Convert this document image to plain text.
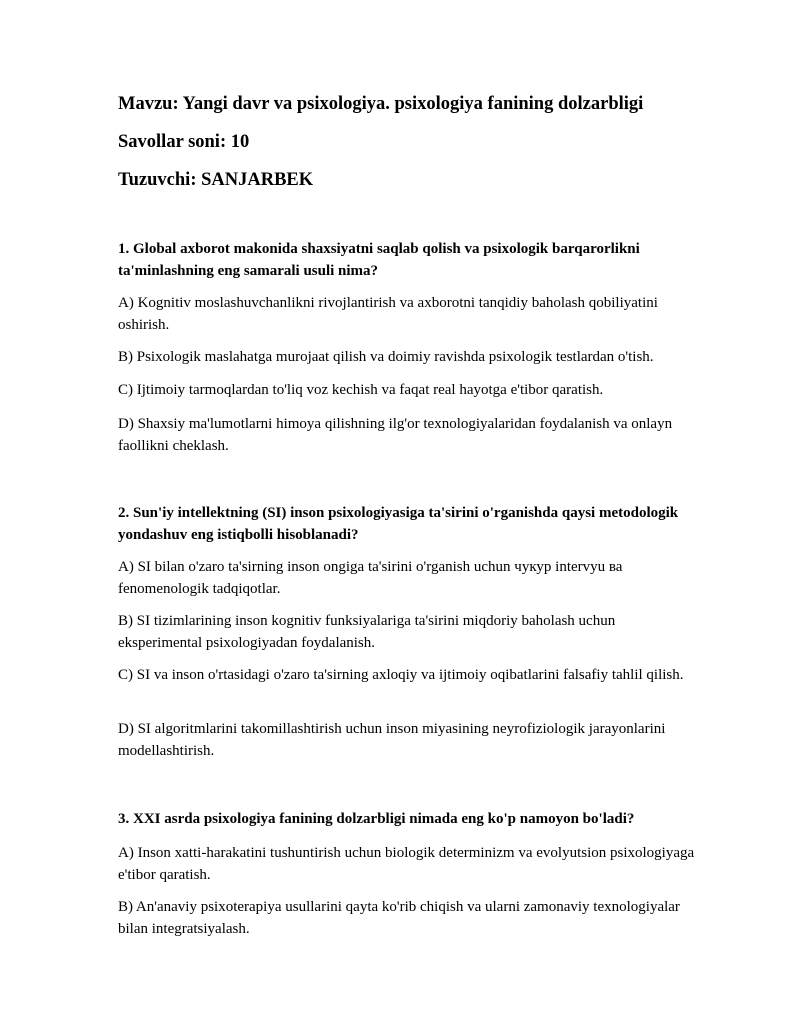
Mavzu: Yangi davr va psixologiya. psixologiya fanining dolzarbligi
Savollar soni: 10
Tuzuvchi: SANJARBEK
1. Global axborot makonida shaxsiyatni saqlab qolish va psixologik barqarorlikni ta'minlashning eng samarali usuli nima?
A) Kognitiv moslashuvchanlikni rivojlantirish va axborotni tanqidiy baholash qobiliyatini oshirish.
B) Psixologik maslahatga murojaat qilish va doimiy ravishda psixologik testlardan o'tish.
C) Ijtimoiy tarmoqlardan to'liq voz kechish va faqat real hayotga e'tibor qaratish.
D) Shaxsiy ma'lumotlarni himoya qilishning ilg'or texnologiyalaridan foydalanish va onlayn faollikni cheklash.
2. Sun'iy intellektning (SI) inson psixologiyasiga ta'sirini o'rganishda qaysi metodologik yondashuv eng istiqbolli hisoblanadi?
A) SI bilan o'zaro ta'sirning inson ongiga ta'sirini o'rganish uchun чукур intervyu ва fenomenologik tadqiqotlar.
B) SI tizimlarining inson kognitiv funksiyalariga ta'sirini miqdoriy baholash uchun eksperimental psixologiyadan foydalanish.
C) SI va inson o'rtasidagi o'zaro ta'sirning axloqiy va ijtimoiy oqibatlarini falsafiy tahlil qilish.
D) SI algoritmlarini takomillashtirish uchun inson miyasining neyrofiziologik jarayonlarini modellashtirish.
3. XXI asrda psixologiya fanining dolzarbligi nimada eng ko'p namoyon bo'ladi?
A) Inson xatti-harakatini tushuntirish uchun biologik determinizm va evolyutsion psixologiyaga e'tibor qaratish.
B) An'anaviy psixoterapiya usullarini qayta ko'rib chiqish va ularni zamonaviy texnologiyalar bilan integratsiyalash.
